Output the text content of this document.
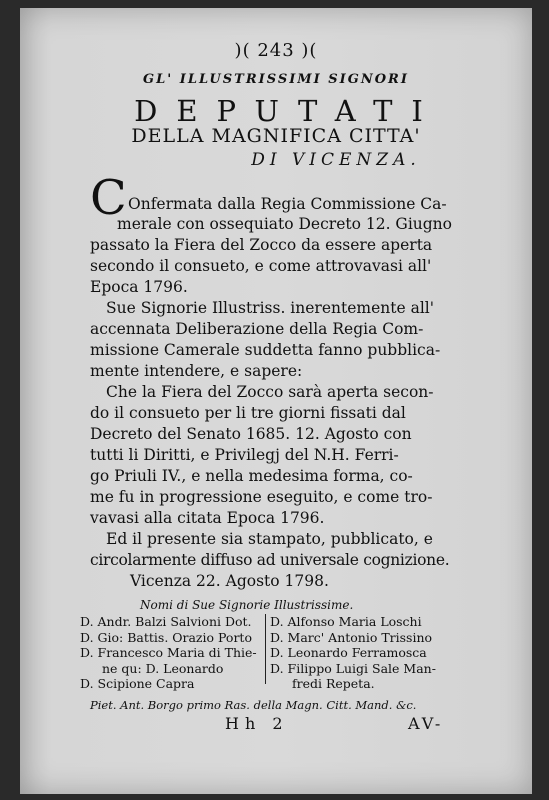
)( 243 )(
GL' ILLUSTRISSIMI SIGNORI
DEPUTATI
DELLA MAGNIFICA CITTA'
DI VICENZA.
C Onfermata dalla Regia Commissione Ca-
merale con ossequiato Decreto 12. Giugno
passato la Fiera del Zocco da essere aperta
secondo il consueto, e come attrovavasi all'
Epoca 1796.
Sue Signorie Illustriss. inerentemente all'
accennata Deliberazione della Regia Com-
missione Camerale suddetta fanno pubblica-
mente intendere, e sapere:
Che la Fiera del Zocco sarà aperta secon-
do il consueto per li tre giorni fissati dal
Decreto del Senato 1685. 12. Agosto con
tutti li Diritti, e Privilegj del N.H. Ferri-
go Priuli IV., e nella medesima forma, co-
me fu in progressione eseguito, e come tro-
vavasi alla citata Epoca 1796.
Ed il presente sia stampato, pubblicato, e
circolarmente diffuso ad universale cognizione.
Vicenza 22. Agosto 1798.
Nomi di Sue Signorie Illustrissime.
D. Andr. Balzi Salvioni Dot.
D. Gio: Battis. Orazio Porto
D. Francesco Maria di Thie-
ne qu: D. Leonardo
D. Scipione Capra
D. Alfonso Maria Loschi
D. Marc' Antonio Trissino
D. Leonardo Ferramosca
D. Filippo Luigi Sale Man-
fredi Repeta.
Piet. Ant. Borgo primo Ras. della Magn. Citt. Mand. &c.
Hh 2	AV-
